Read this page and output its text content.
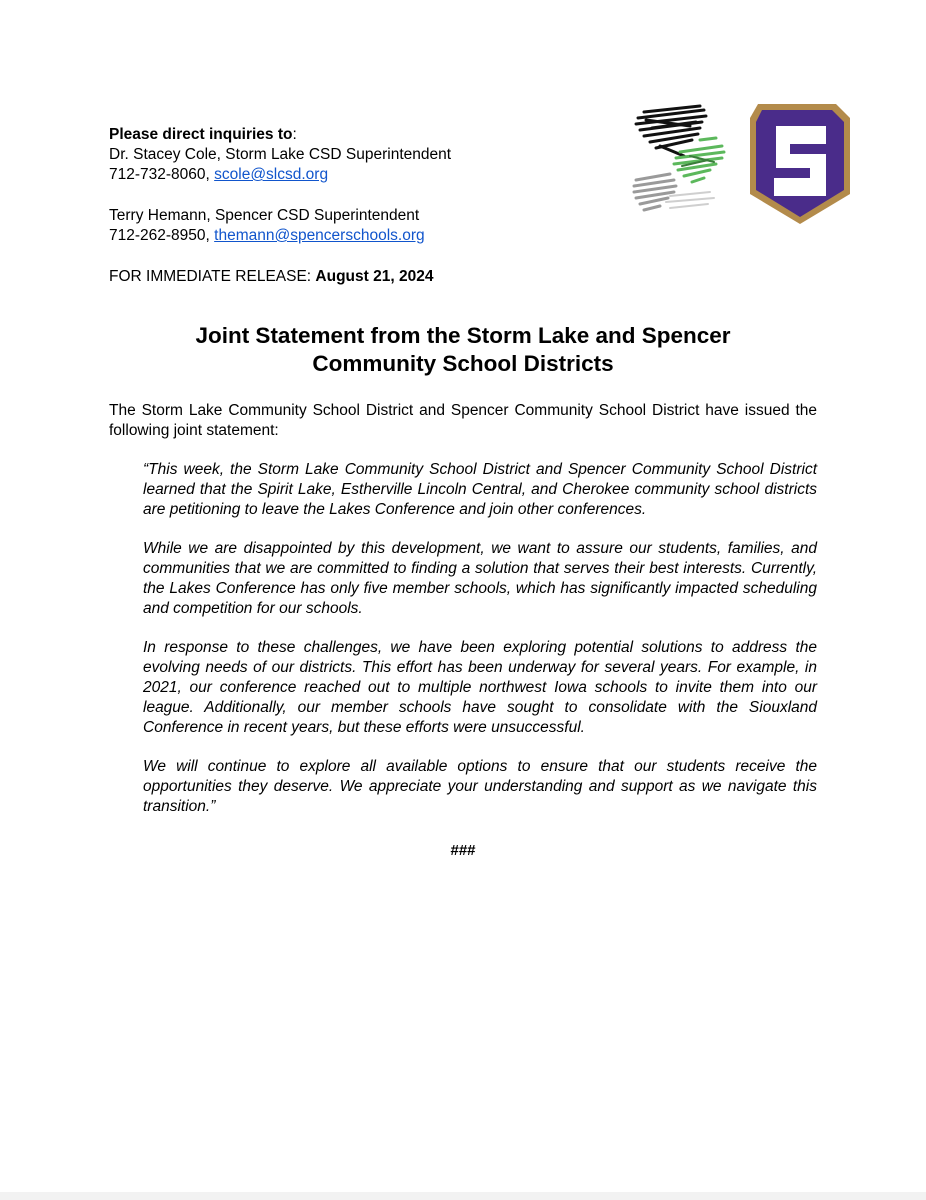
Please direct inquiries to:
Dr. Stacey Cole, Storm Lake CSD Superintendent
712-732-8060, scole@slcsd.org
Terry Hemann, Spencer CSD Superintendent
712-262-8950, themann@spencerschools.org
FOR IMMEDIATE RELEASE: August 21, 2024
Joint Statement from the Storm Lake and Spencer
Community School Districts
The Storm Lake Community School District and Spencer Community School District have issued the following joint statement:

“This week, the Storm Lake Community School District and Spencer Community School District learned that the Spirit Lake, Estherville Lincoln Central, and Cherokee community school districts are petitioning to leave the Lakes Conference and join other conferences.

While we are disappointed by this development, we want to assure our students, families, and communities that we are committed to finding a solution that serves their best interests. Currently, the Lakes Conference has only five member schools, which has significantly impacted scheduling and competition for our schools.

In response to these challenges, we have been exploring potential solutions to address the evolving needs of our districts. This effort has been underway for several years. For example, in 2021, our conference reached out to multiple northwest Iowa schools to invite them into our league. Additionally, our member schools have sought to consolidate with the Siouxland Conference in recent years, but these efforts were unsuccessful.

We will continue to explore all available options to ensure that our students receive the opportunities they deserve. We appreciate your understanding and support as we navigate this transition.”

###
